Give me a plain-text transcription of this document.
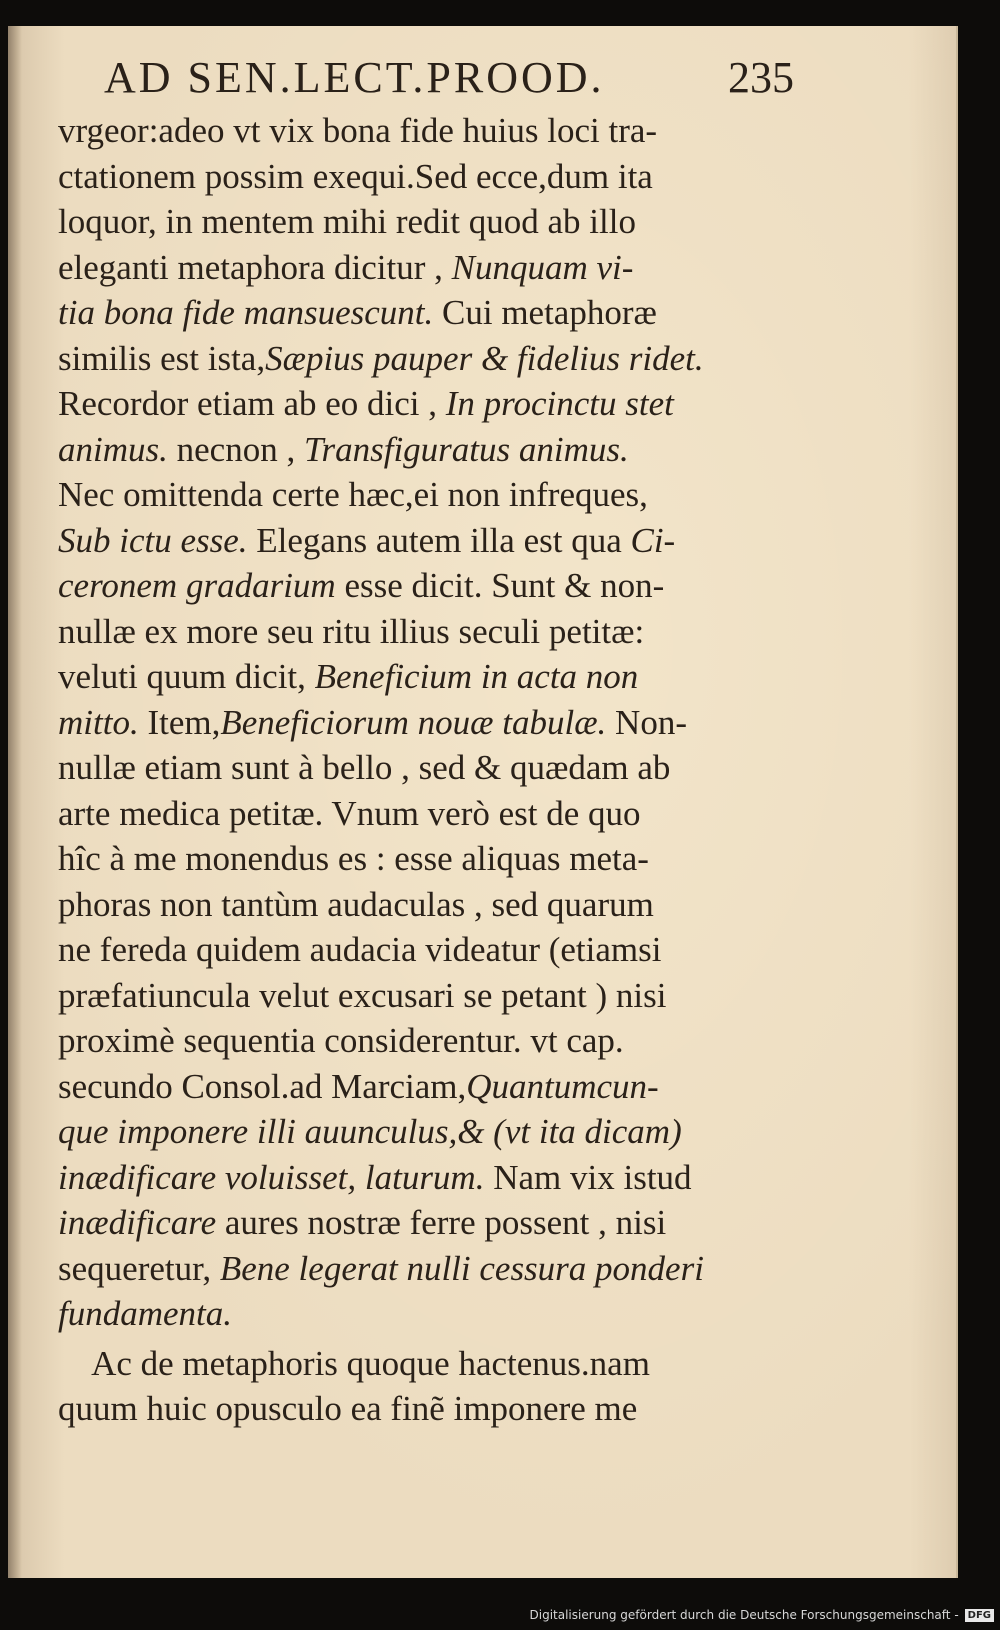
AD SEN.LECT.PROOD.	235
vrgeor:adeo vt vix bona fide huius loci tra-
ctationem possim exequi.Sed ecce,dum ita
loquor, in mentem mihi redit quod ab illo
eleganti metaphora dicitur , Nunquam vi-
tia bona fide mansuescunt. Cui metaphoræ
similis est ista,Sæpius pauper & fidelius ridet.
Recordor etiam ab eo dici , In procinctu stet
animus. necnon , Transfiguratus animus.
Nec omittenda certe hæc,ei non infreques,
Sub ictu esse. Elegans autem illa est qua Ci-
ceronem gradarium esse dicit. Sunt & non-
nullæ ex more seu ritu illius seculi petitæ:
veluti quum dicit, Beneficium in acta non
mitto. Item,Beneficiorum nouæ tabulæ. Non-
nullæ etiam sunt à bello , sed & quædam ab
arte medica petitæ. Vnum verò est de quo
hîc à me monendus es : esse aliquas meta-
phoras non tantùm audaculas , sed quarum
ne fereda quidem audacia videatur (etiamsi
præfatiuncula velut excusari se petant ) nisi
proximè sequentia considerentur. vt cap.
secundo Consol.ad Marciam,Quantumcun-
que imponere illi auunculus,& (vt ita dicam)
inædificare voluisset, laturum. Nam vix istud
inædificare aures nostræ ferre possent , nisi
sequeretur, Bene legerat nulli cessura ponderi
fundamenta.
Ac de metaphoris quoque hactenus.nam
quum huic opusculo ea finẽ imponere me
Digitalisierung gefördert durch die Deutsche Forschungsgemeinschaft - DFG
